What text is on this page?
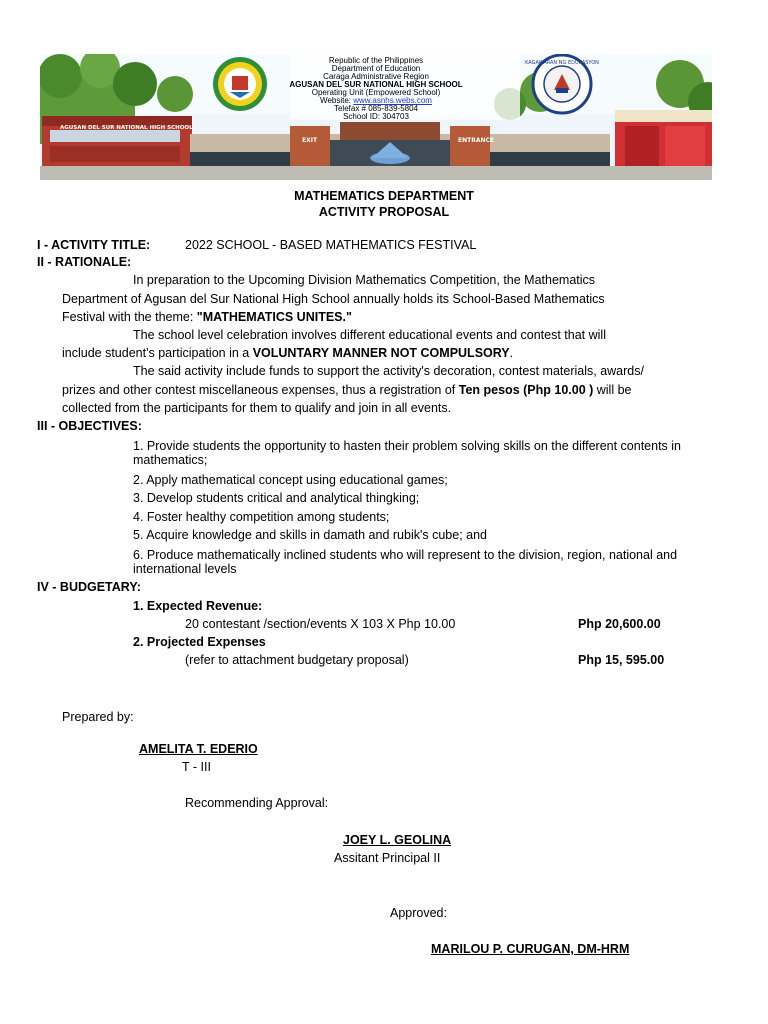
KAGAWARAN NG EDUKASYON
AGUSAN DEL SUR NATIONAL HIGH SCHOOL
EXIT	ENTRANCE
Republic of the Philippines
Department of Education
Caraga Administrative Region
AGUSAN DEL SUR NATIONAL HIGH SCHOOL
Operating Unit (Empowered School)
Website: www.asnhs.webs.com
Telefax # 085-839-5804
School ID: 304703
MATHEMATICS DEPARTMENT
ACTIVITY PROPOSAL
I - ACTIVITY TITLE:	2022 SCHOOL - BASED MATHEMATICS FESTIVAL
II - RATIONALE:
In preparation to the Upcoming Division Mathematics Competition, the Mathematics
Department of Agusan del Sur National High School annually holds its School-Based Mathematics
Festival with the theme: "MATHEMATICS UNITES."
The school level celebration involves different educational events and contest that will
include student's participation in a VOLUNTARY MANNER NOT COMPULSORY.
The said activity include funds to support the activity's decoration, contest materials, awards/
prizes and other contest miscellaneous expenses, thus a registration of Ten pesos (Php 10.00 ) will be
collected from the participants for them to qualify and join in all events.
III - OBJECTIVES:
1. Provide students the opportunity to hasten their problem solving skills on the different contents in mathematics;
2. Apply mathematical concept using educational games;
3. Develop students critical and analytical thingking;
4. Foster healthy competition among students;
5. Acquire knowledge and skills in damath and rubik's cube; and
6. Produce mathematically inclined students who will represent to the division, region, national and international levels
IV - BUDGETARY:
1. Expected Revenue:
20 contestant /section/events X 103 X Php 10.00	Php 20,600.00
2. Projected Expenses
(refer to attachment budgetary proposal)	Php 15, 595.00
Prepared by:
AMELITA T. EDERIO
T - III
Recommending Approval:
JOEY L. GEOLINA
Assitant Principal II
Approved:
MARILOU P. CURUGAN, DM-HRM
